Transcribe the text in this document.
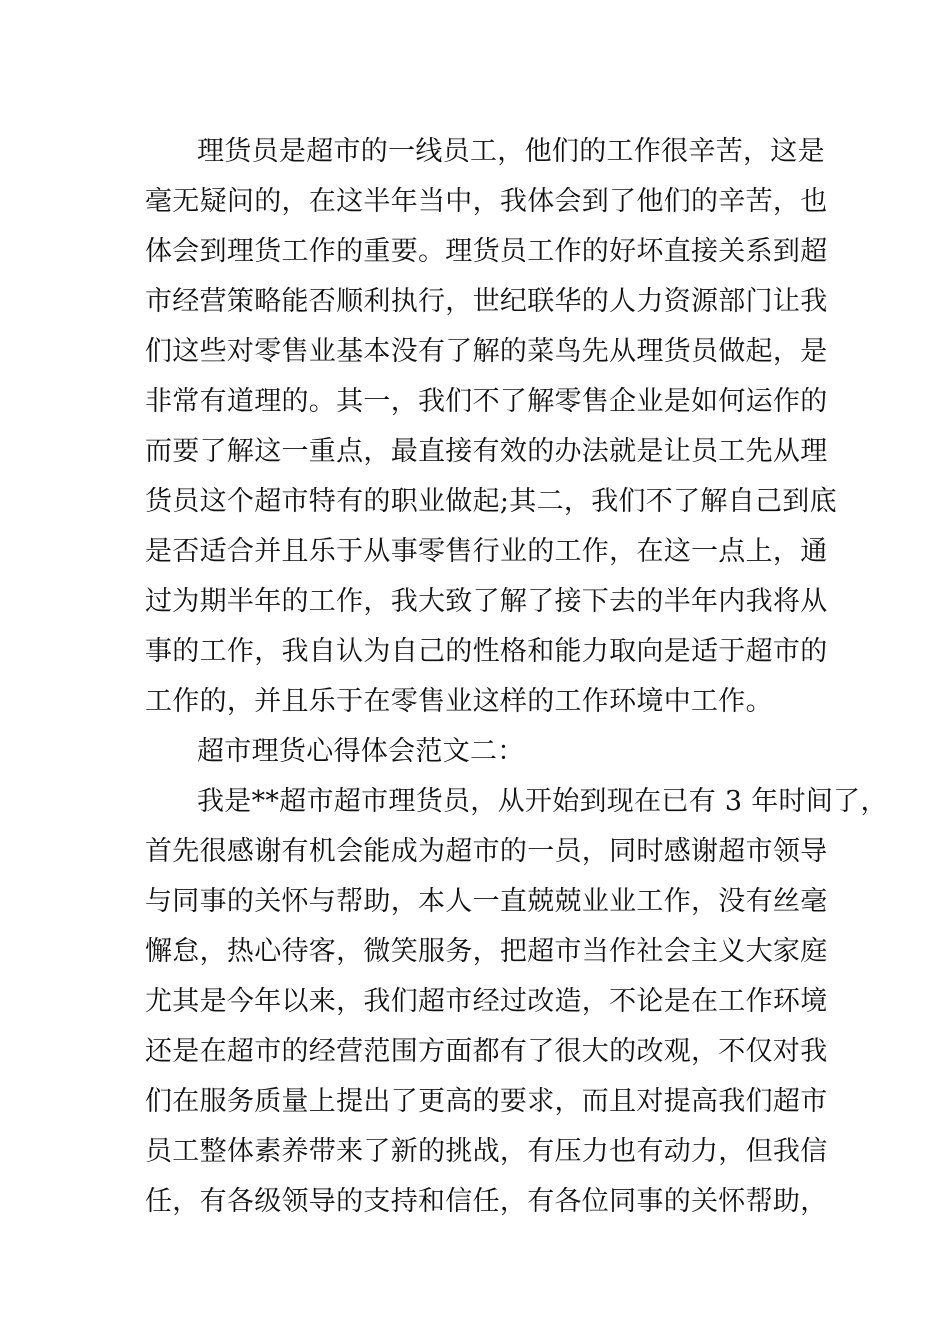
理货员是超市的一线员工，他们的工作很辛苦，这是
毫无疑问的，在这半年当中，我体会到了他们的辛苦，也
体会到理货工作的重要。理货员工作的好坏直接关系到超
市经营策略能否顺利执行，世纪联华的人力资源部门让我
们这些对零售业基本没有了解的菜鸟先从理货员做起，是
非常有道理的。其一，我们不了解零售企业是如何运作的
而要了解这一重点，最直接有效的办法就是让员工先从理
货员这个超市特有的职业做起;其二，我们不了解自己到底
是否适合并且乐于从事零售行业的工作，在这一点上，通
过为期半年的工作，我大致了解了接下去的半年内我将从
事的工作，我自认为自己的性格和能力取向是适于超市的
工作的，并且乐于在零售业这样的工作环境中工作。
超市理货心得体会范文二：
我是**超市超市理货员，从开始到现在已有 3 年时间了，
首先很感谢有机会能成为超市的一员，同时感谢超市领导
与同事的关怀与帮助，本人一直兢兢业业工作，没有丝毫
懈怠，热心待客，微笑服务，把超市当作社会主义大家庭
尤其是今年以来，我们超市经过改造，不论是在工作环境
还是在超市的经营范围方面都有了很大的改观，不仅对我
们在服务质量上提出了更高的要求，而且对提高我们超市
员工整体素养带来了新的挑战，有压力也有动力，但我信
任，有各级领导的支持和信任，有各位同事的关怀帮助，
